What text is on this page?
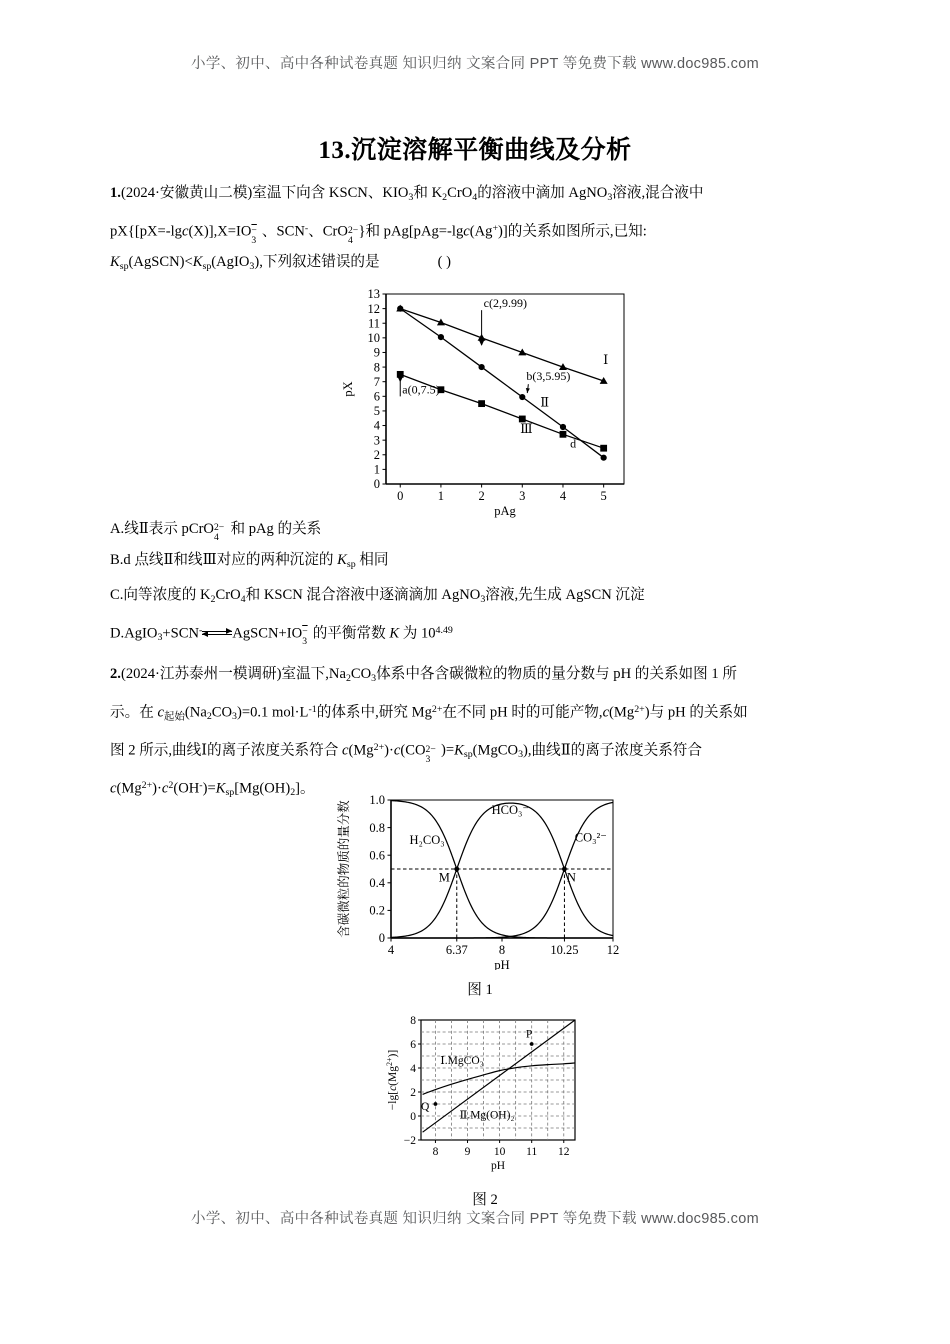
小学、初中、高中各种试卷真题 知识归纳 文案合同 PPT 等免费下载 www.doc985.com
13.沉淀溶解平衡曲线及分析
1.(2024·安徽黄山二模)室温下向含 KSCN、$KIO_3$和 $K_2CrO_4$的溶液中滴加 AgNO$_3$溶液,混合液中
pX{[pX=-lgc(X)],X=IO −
3
、SCN-、CrO 2−
4
}和 pAg[pAg=-lgc(Ag+)]的关系如图所示,已知:
$K_{sp}(AgSCN)<K_{sp}(AgIO_3)$,下列叙述错误的是	( )
A.线Ⅱ表示 pCrO 2−
4
和 pAg 的关系
B.d 点线Ⅱ和线Ⅲ对应的两种沉淀的 $K_{sp}$ 相同
C.向等浓度的 $K_2CrO_4$和 KSCN 混合溶液中逐滴滴加 AgNO$_3$溶液,先生成 AgSCN 沉淀
D.AgIO$_3$+SCN- AgSCN+IO −
3
的平衡常数 K 为 $10^{4.49}$
2.(2024·江苏泰州一模调研)室温下$,Na_2CO_3$体系中各含碳微粒的物质的量分数与 pH 的关系如图 1 所
示。在 $c_{起始}(Na_2CO_3)=0.1$ $mol\cdot L^{-1}$的体系中,研究 $Mg^{2+}$在不同 pH 时的可能产物$,c(Mg^{2+})$与 pH 的关系如
图 2 所示,曲线Ⅰ的离子浓度关系符合 $c(Mg^{2+})\cdot c(CO$ 2−
3
)$=K_{sp}(MgCO_3)$,曲线Ⅱ的离子浓度关系符合
$c(Mg^{2+})\cdot c^2(OH^-)=K_{sp}[Mg(OH)_2]$。
0
1
2
3
4
5
6
7
8
9
10
11
12
13
0	1	2	3	4	5
pAg
pX
Ⅰ
Ⅱ
Ⅲ
a(0,7.5)
b(3,5.95)
c(2,9.99)
d
0
0.2
0.4
0.6
0.8
1.0
4	6.37 8	10.25 12
pH
含碳微粒的物质的量分数	H₂CO₃
HCO₃⁻
CO₃²⁻
M	N
图 1
−2
0
2
4
6
8
8 9 10 11 12
pH
$-\lg[c(Mg^{2+})]$
Ⅰ.MgCO₃
Ⅱ.Mg(OH)₂
P
Q
图 2
小学、初中、高中各种试卷真题 知识归纳 文案合同 PPT 等免费下载 www.doc985.com
